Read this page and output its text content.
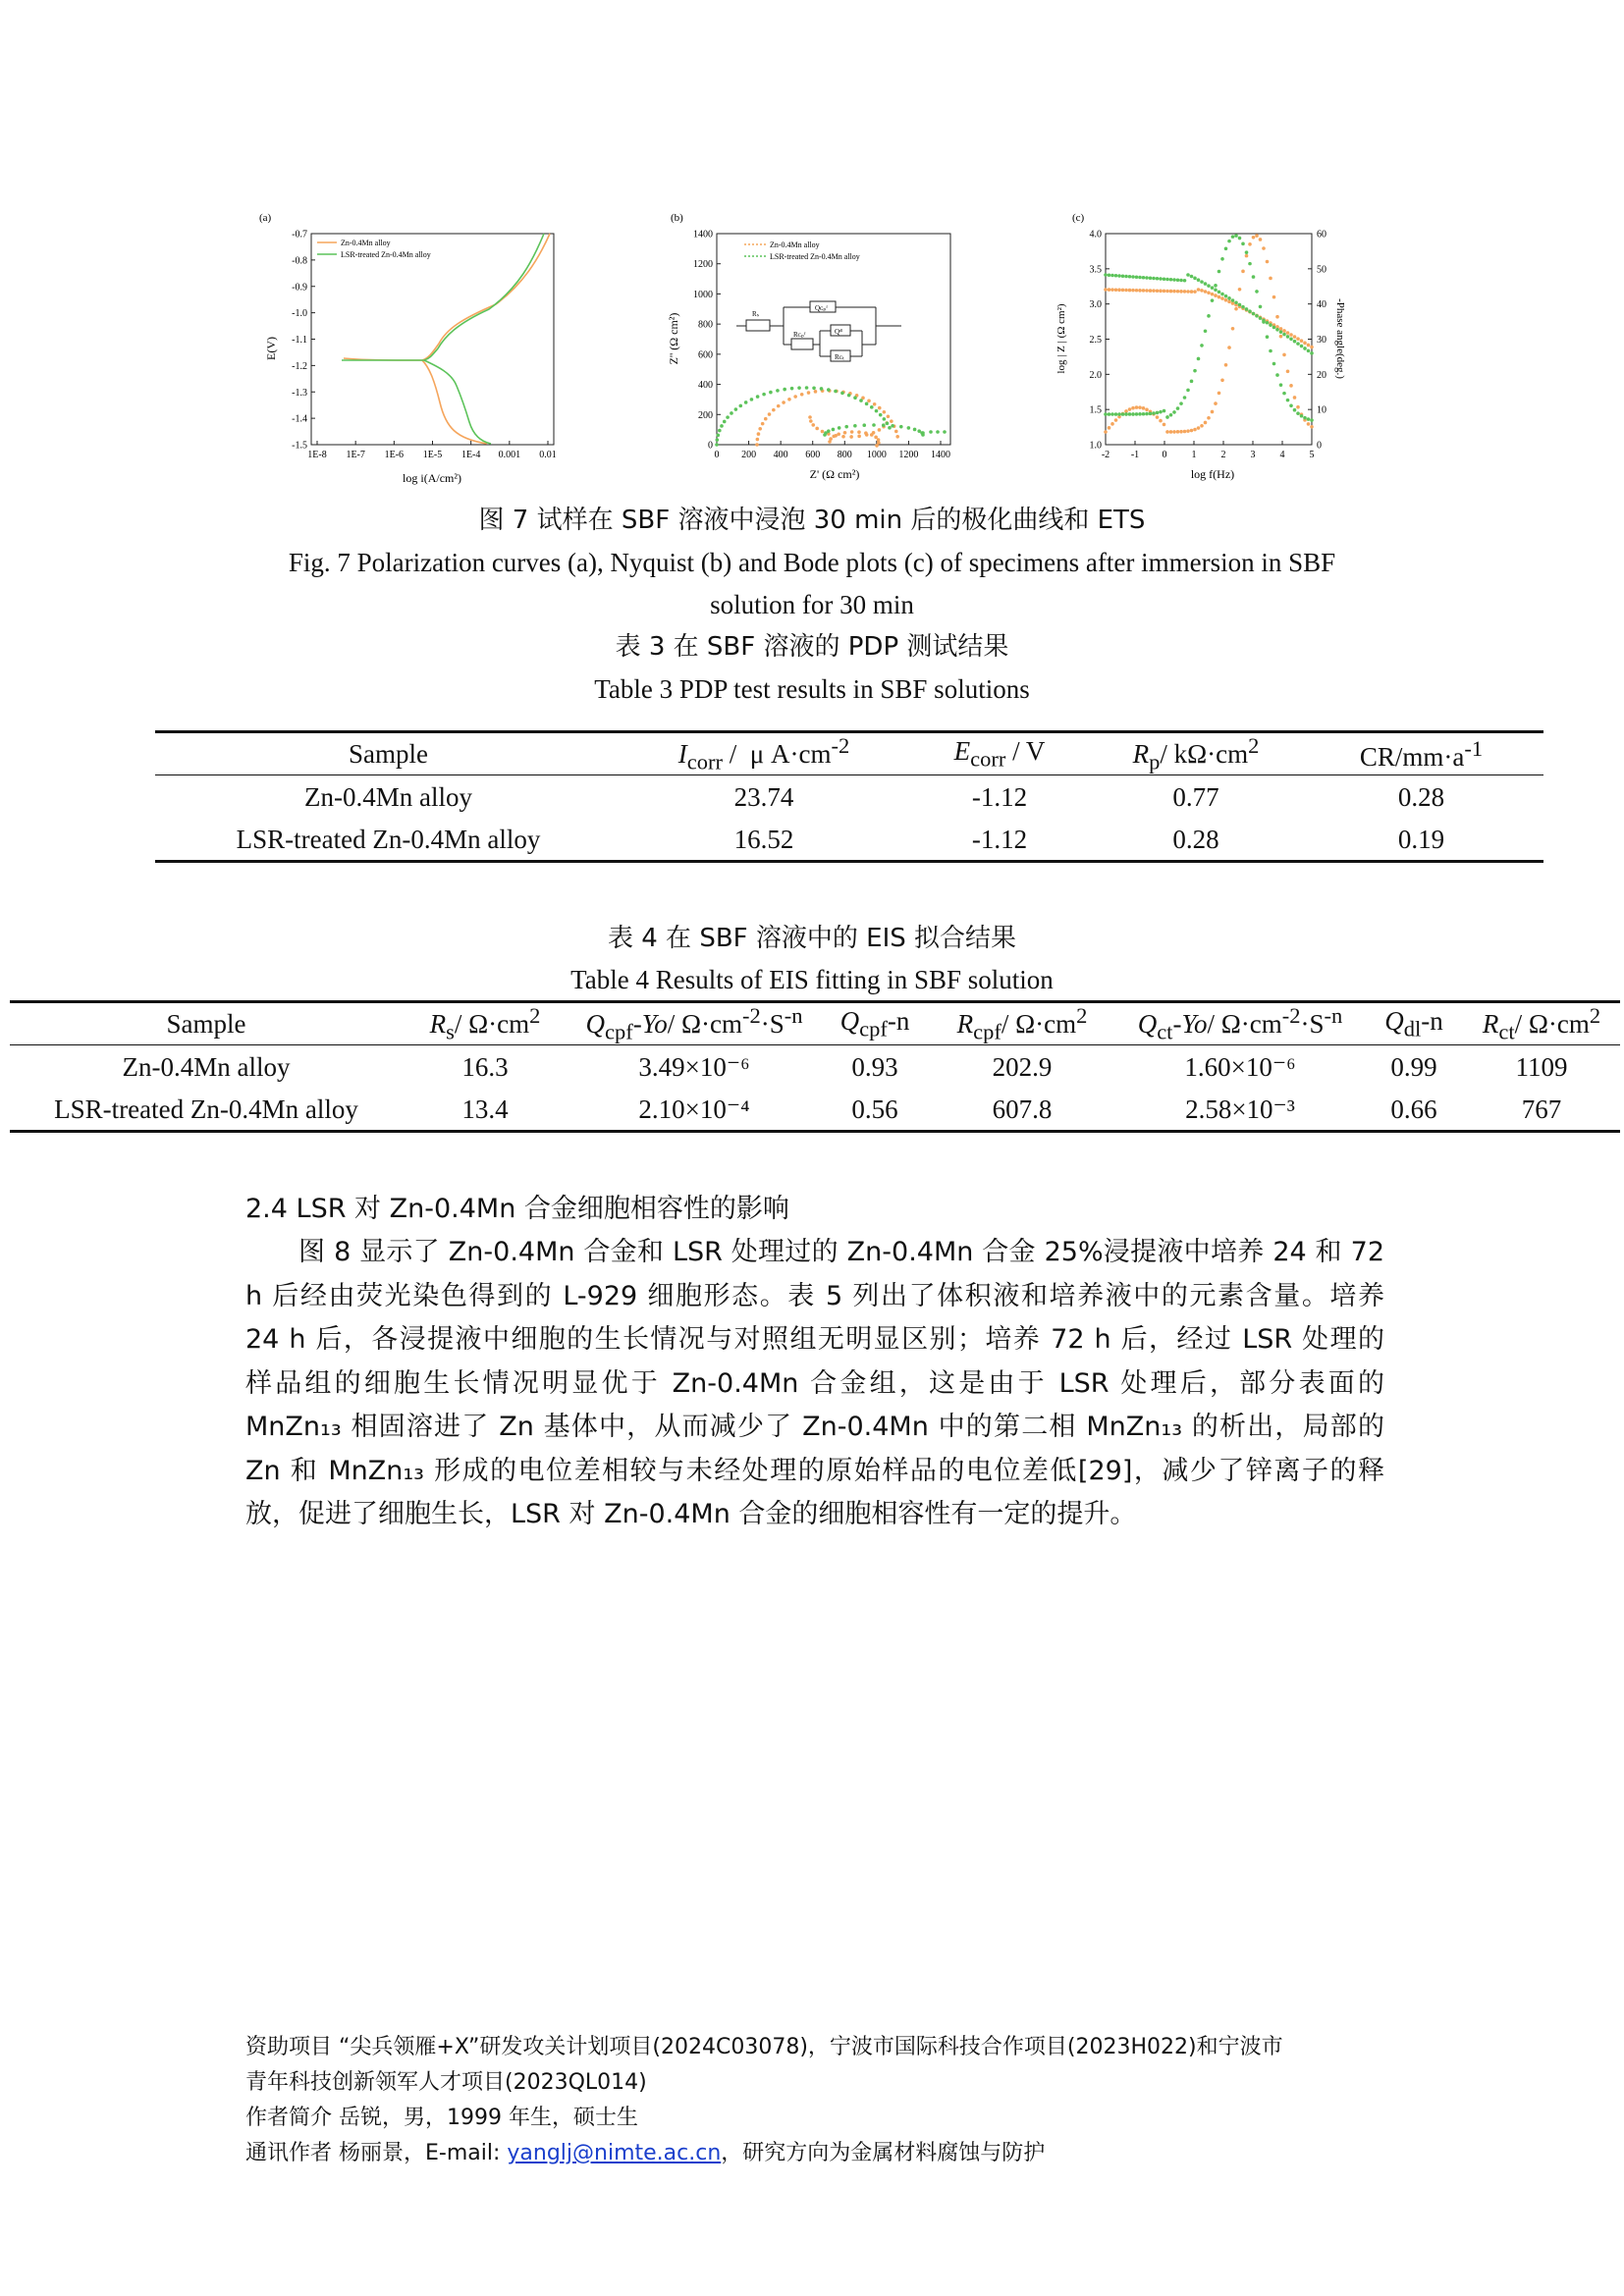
(a)
-0.7
-0.8
-0.9
-1.0
-1.1
-1.2
-1.3
-1.4
-1.5
1E-8 1E-7 1E-6 1E-5 1E-4 0.001 0.01
E(V)
log i(A/cm²)
Zn-0.4Mn alloy
LSR-treated Zn-0.4Mn alloy
(b)
0
200
400
600
800
1000
1200
1400
0 200 400 600 800 1000 1200 1400
Z'' (Ω cm²)
Z' (Ω cm²)
Zn-0.4Mn alloy
LSR-treated Zn-0.4Mn alloy
Rₛ
Qᴄₚᶠ
Rᴄₚᶠ	Qᵈˡ
Rᴄₜ
(c)
1.0
1.5
2.0
2.5
3.0
3.5
4.0
0
10
20
30
40
50
60
-2 -1 0	1	2	3	4	5
log | Z | (Ω cm²)	-Phase angle(deg.)
log f(Hz)
图 7 试样在 SBF 溶液中浸泡 30 min 后的极化曲线和 ETS
Fig. 7 Polarization curves (a), Nyquist (b) and Bode plots (c) of specimens after immersion in SBF
solution for 30 min
表 3 在 SBF 溶液的 PDP 测试结果
Table 3 PDP test results in SBF solutions
Sample	$I_{corr}$ /  μ $A\cdot cm^{-2}$	$E_{corr}$ / V	$R_p/$ $k\Omega\cdot cm^2$	$CR/mm\cdot a^{-1}$
Zn-0.4Mn alloy	23.74	-1.12	0.77	0.28
LSR-treated Zn-0.4Mn alloy	16.52	-1.12	0.28	0.19
表 4 在 SBF 溶液中的 EIS 拟合结果
Table 4 Results of EIS fitting in SBF solution
Sample	$R_s/$ $\Omega\cdot cm^2$	$Q_{cpf}-Yo/$ $\Omega\cdot cm^{-2}\cdot S^{-n}$	$Q_{cpf}-n$	$R_{cpf}/$ $\Omega\cdot cm^2$	$Q_{ct}-Yo/$ $\Omega\cdot cm^{-2}\cdot S^{-n}$	$Q_{dl}-n$	$R_{ct}/$ $\Omega\cdot cm^2$
Zn-0.4Mn alloy	16.3	3.49×10⁻⁶	0.93	202.9	1.60×10⁻⁶	0.99	1109
LSR-treated Zn-0.4Mn alloy	13.4	2.10×10⁻⁴	0.56	607.8	2.58×10⁻³	0.66	767
2.4 LSR 对 Zn-0.4Mn 合金细胞相容性的影响
图 8 显示了 Zn-0.4Mn 合金和 LSR 处理过的 Zn-0.4Mn 合金 25%浸提液中培养 24 和 72
h 后经由荧光染色得到的 L-929 细胞形态。表 5 列出了体积液和培养液中的元素含量。培养
24 h 后，各浸提液中细胞的生长情况与对照组无明显区别；培养 72 h 后，经过 LSR 处理的
样品组的细胞生长情况明显优于 Zn-0.4Mn 合金组，这是由于 LSR 处理后，部分表面的
MnZn₁₃ 相固溶进了 Zn 基体中，从而减少了 Zn-0.4Mn 中的第二相 MnZn₁₃ 的析出，局部的
Zn 和 MnZn₁₃ 形成的电位差相较与未经处理的原始样品的电位差低[29]，减少了锌离子的释
放，促进了细胞生长，LSR 对 Zn-0.4Mn 合金的细胞相容性有一定的提升。
资助项目 “尖兵领雁+X”研发攻关计划项目(2024C03078)，宁波市国际科技合作项目(2023H022)和宁波市
青年科技创新领军人才项目(2023QL014)
作者简介 岳锐，男，1999 年生，硕士生
通讯作者 杨丽景，E-mail: yanglj@nimte.ac.cn，研究方向为金属材料腐蚀与防护
